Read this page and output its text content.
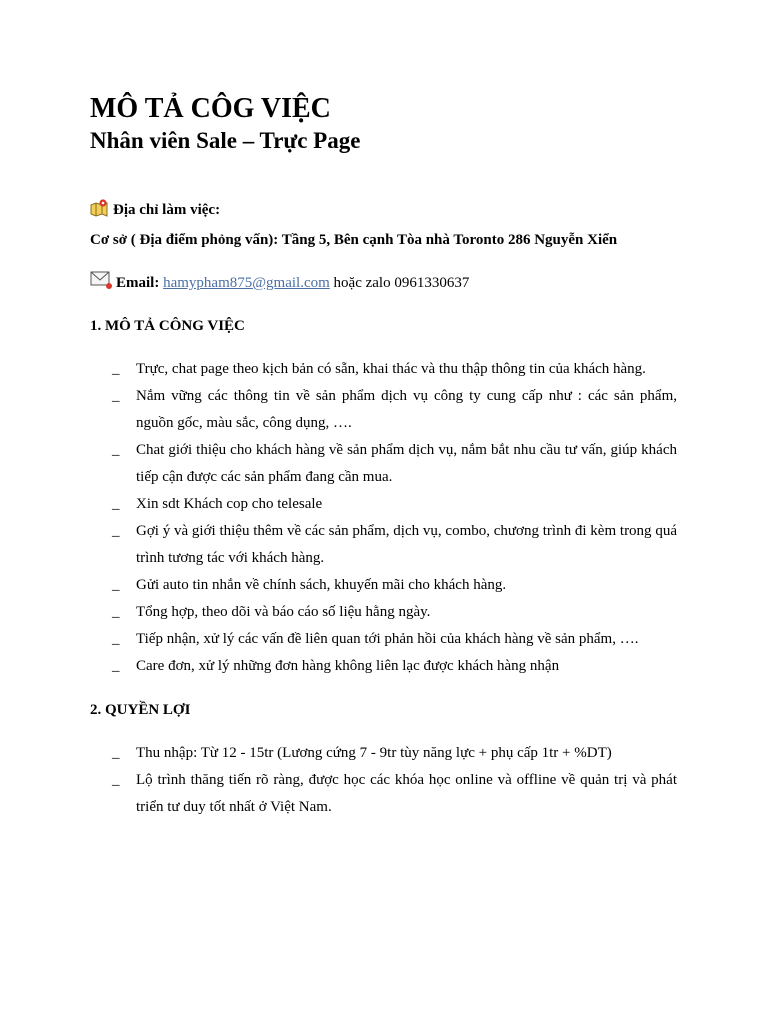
MÔ TẢ CÔG VIỆC
Nhân viên Sale – Trực Page
Địa chỉ làm việc:
Cơ sở ( Địa điểm phỏng vấn): Tầng 5, Bên cạnh Tòa nhà Toronto 286 Nguyễn Xiển
Email: hamypham875@gmail.com hoặc zalo 0961330637
1. MÔ TẢ CÔNG VIỆC
_ Trực, chat page theo kịch bản có sẵn, khai thác và thu thập thông tin của khách hàng.
_ Nắm vững các thông tin về sản phẩm dịch vụ công ty cung cấp như : các sản phẩm, nguồn gốc, màu sắc, công dụng, ….
_ Chat giới thiệu cho khách hàng về sản phẩm dịch vụ, nắm bắt nhu cầu tư vấn, giúp khách tiếp cận được các sản phẩm đang cần mua.
_ Xin sdt Khách cop cho telesale
_ Gợi ý và giới thiệu thêm về các sản phẩm, dịch vụ, combo, chương trình đi kèm trong quá trình tương tác với khách hàng.
_ Gửi auto tin nhắn về chính sách, khuyến mãi cho khách hàng.
_ Tổng hợp, theo dõi và báo cáo số liệu hằng ngày.
_ Tiếp nhận, xử lý các vấn đề liên quan tới phản hồi của khách hàng về sản phẩm, ….
_ Care đơn, xử lý những đơn hàng không liên lạc được khách hàng nhận
2. QUYỀN LỢI
_ Thu nhập: Từ 12 - 15tr (Lương cứng 7 - 9tr tùy năng lực + phụ cấp 1tr + %DT)
_ Lộ trình thăng tiến rõ ràng, được học các khóa học online và offline về quản trị và phát triển tư duy tốt nhất ở Việt Nam.
